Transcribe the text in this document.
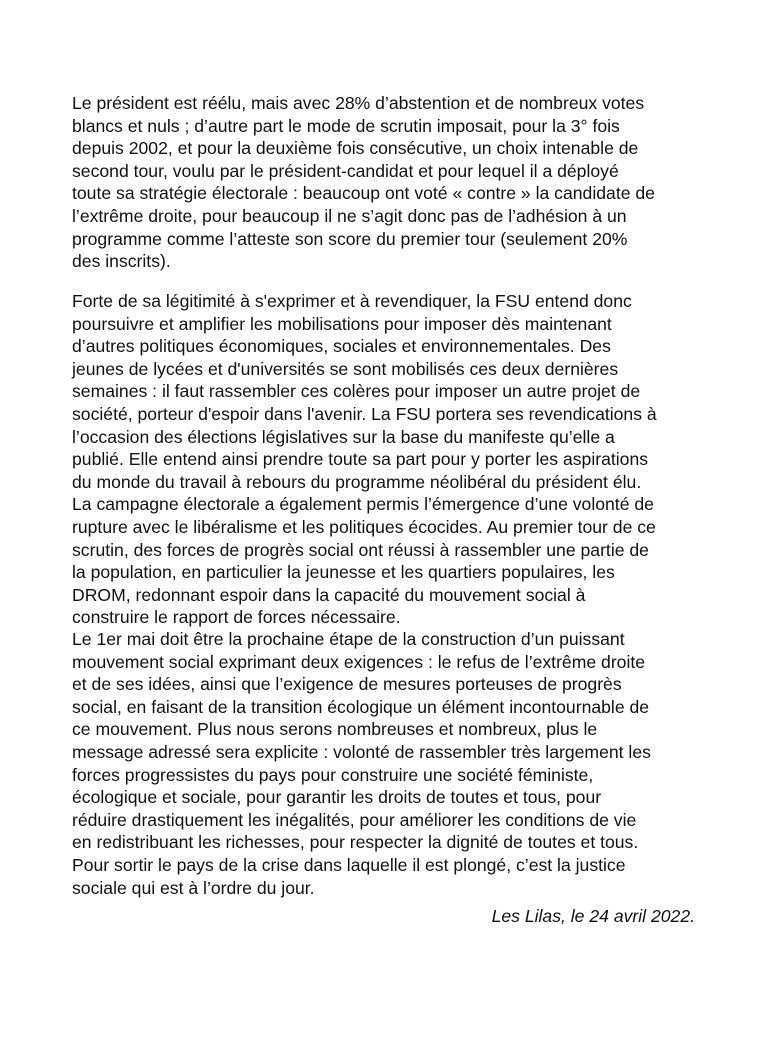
Le président est réélu, mais avec 28% d’abstention et de nombreux votes
blancs et nuls ; d’autre part le mode de scrutin imposait, pour la 3° fois
depuis 2002, et pour la deuxième fois consécutive, un choix intenable de
second tour, voulu par le président-candidat et pour lequel il a déployé
toute sa stratégie électorale : beaucoup ont voté « contre » la candidate de
l’extrême droite, pour beaucoup il ne s’agit donc pas de l’adhésion à un
programme comme l’atteste son score du premier tour (seulement 20%
des inscrits).

Forte de sa légitimité à s'exprimer et à revendiquer, la FSU entend donc
poursuivre et amplifier les mobilisations pour imposer dès maintenant
d’autres politiques économiques, sociales et environnementales. Des
jeunes de lycées et d'universités se sont mobilisés ces deux dernières
semaines : il faut rassembler ces colères pour imposer un autre projet de
société, porteur d'espoir dans l'avenir. La FSU portera ses revendications à
l’occasion des élections législatives sur la base du manifeste qu’elle a
publié. Elle entend ainsi prendre toute sa part pour y porter les aspirations
du monde du travail à rebours du programme néolibéral du président élu.
La campagne électorale a également permis l’émergence d’une volonté de
rupture avec le libéralisme et les politiques écocides. Au premier tour de ce
scrutin, des forces de progrès social ont réussi à rassembler une partie de
la population, en particulier la jeunesse et les quartiers populaires, les
DROM, redonnant espoir dans la capacité du mouvement social à
construire le rapport de forces nécessaire.

Le 1er mai doit être la prochaine étape de la construction d’un puissant
mouvement social exprimant deux exigences : le refus de l’extrême droite
et de ses idées, ainsi que l’exigence de mesures porteuses de progrès
social, en faisant de la transition écologique un élément incontournable de
ce mouvement. Plus nous serons nombreuses et nombreux, plus le
message adressé sera explicite : volonté de rassembler très largement les
forces progressistes du pays pour construire une société féministe,
écologique et sociale, pour garantir les droits de toutes et tous, pour
réduire drastiquement les inégalités, pour améliorer les conditions de vie
en redistribuant les richesses, pour respecter la dignité de toutes et tous.
Pour sortir le pays de la crise dans laquelle il est plongé, c’est la justice
sociale qui est à l’ordre du jour.

Les Lilas, le 24 avril 2022.
